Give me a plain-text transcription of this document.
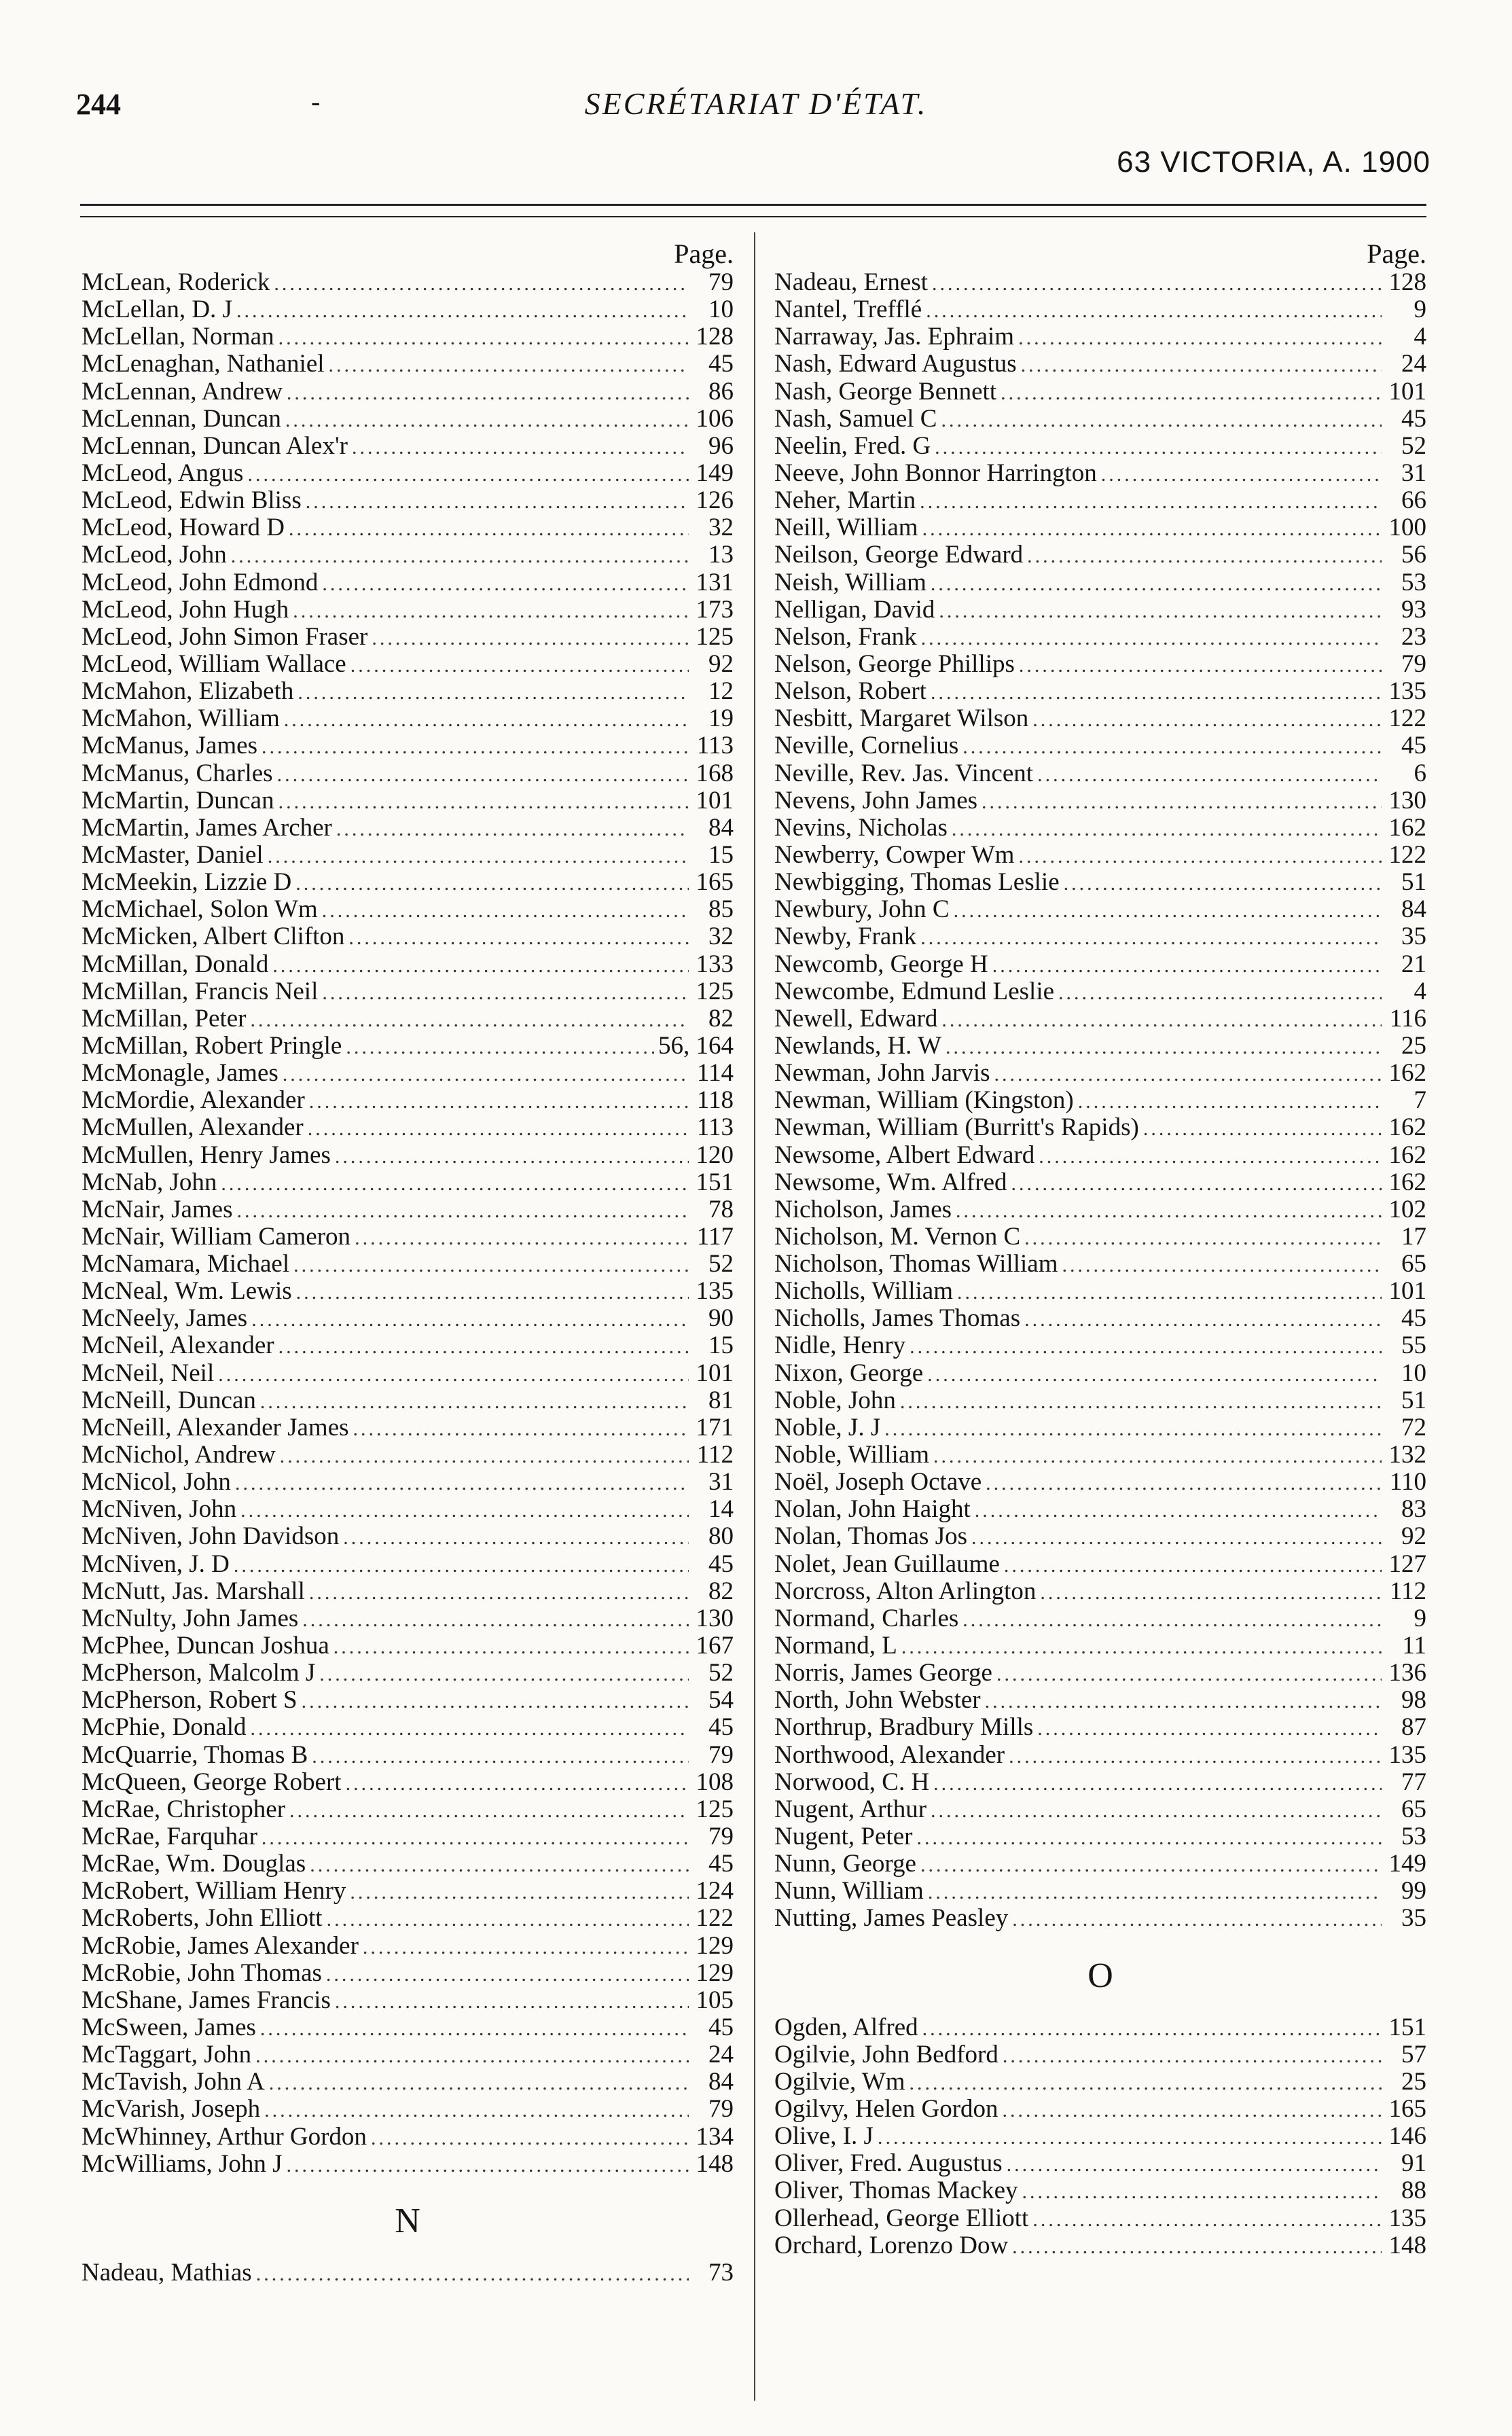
244	-	SECRÉTARIAT D'ÉTAT.
63 VICTORIA, A. 1900
Page.
McLean, Roderick .....	79
McLellan, D. J .....	10
McLellan, Norman .....	128
McLenaghan, Nathaniel .....	45
McLennan, Andrew .....	86
McLennan, Duncan .....	106
McLennan, Duncan Alex'r .....	96
McLeod, Angus .....	149
McLeod, Edwin Bliss .....	126
McLeod, Howard D .....	32
McLeod, John .....	13
McLeod, John Edmond .....	131
McLeod, John Hugh .....	173
McLeod, John Simon Fraser .....	125
McLeod, William Wallace .....	92
McMahon, Elizabeth .....	12
McMahon, William .....	19
McManus, James .....	113
McManus, Charles .....	168
McMartin, Duncan .....	101
McMartin, James Archer .....	84
McMaster, Daniel .....	15
McMeekin, Lizzie D .....	165
McMichael, Solon Wm .....	85
McMicken, Albert Clifton .....	32
McMillan, Donald .....	133
McMillan, Francis Neil .....	125
McMillan, Peter .....	82
McMillan, Robert Pringle .....	56, 164
McMonagle, James .....	114
McMordie, Alexander .....	118
McMullen, Alexander .....	113
McMullen, Henry James .....	120
McNab, John .....	151
McNair, James .....	78
McNair, William Cameron .....	117
McNamara, Michael .....	52
McNeal, Wm. Lewis .....	135
McNeely, James .....	90
McNeil, Alexander .....	15
McNeil, Neil .....	101
McNeill, Duncan .....	81
McNeill, Alexander James .....	171
McNichol, Andrew .....	112
McNicol, John .....	31
McNiven, John .....	14
McNiven, John Davidson .....	80
McNiven, J. D .....	45
McNutt, Jas. Marshall .....	82
McNulty, John James .....	130
McPhee, Duncan Joshua .....	167
McPherson, Malcolm J .....	52
McPherson, Robert S .....	54
McPhie, Donald .....	45
McQuarrie, Thomas B .....	79
McQueen, George Robert .....	108
McRae, Christopher .....	125
McRae, Farquhar .....	79
McRae, Wm. Douglas .....	45
McRobert, William Henry .....	124
McRoberts, John Elliott .....	122
McRobie, James Alexander .....	129
McRobie, John Thomas .....	129
McShane, James Francis .....	105
McSween, James .....	45
McTaggart, John .....	24
McTavish, John A .....	84
McVarish, Joseph .....	79
McWhinney, Arthur Gordon .....	134
McWilliams, John J .....	148
N
Nadeau, Mathias .....	73
Page.
Nadeau, Ernest .....	128
Nantel, Trefflé .....	9
Narraway, Jas. Ephraim .....	4
Nash, Edward Augustus .....	24
Nash, George Bennett .....	101
Nash, Samuel C .....	45
Neelin, Fred. G .....	52
Neeve, John Bonnor Harrington .....	31
Neher, Martin .....	66
Neill, William .....	100
Neilson, George Edward .....	56
Neish, William .....	53
Nelligan, David .....	93
Nelson, Frank .....	23
Nelson, George Phillips .....	79
Nelson, Robert .....	135
Nesbitt, Margaret Wilson .....	122
Neville, Cornelius .....	45
Neville, Rev. Jas. Vincent .....	6
Nevens, John James .....	130
Nevins, Nicholas .....	162
Newberry, Cowper Wm .....	122
Newbigging, Thomas Leslie .....	51
Newbury, John C .....	84
Newby, Frank .....	35
Newcomb, George H .....	21
Newcombe, Edmund Leslie .....	4
Newell, Edward .....	116
Newlands, H. W .....	25
Newman, John Jarvis .....	162
Newman, William (Kingston) .....	7
Newman, William (Burritt's Rapids) .....	162
Newsome, Albert Edward .....	162
Newsome, Wm. Alfred .....	162
Nicholson, James .....	102
Nicholson, M. Vernon C .....	17
Nicholson, Thomas William .....	65
Nicholls, William .....	101
Nicholls, James Thomas .....	45
Nidle, Henry .....	55
Nixon, George .....	10
Noble, John .....	51
Noble, J. J .....	72
Noble, William .....	132
Noël, Joseph Octave .....	110
Nolan, John Haight .....	83
Nolan, Thomas Jos .....	92
Nolet, Jean Guillaume .....	127
Norcross, Alton Arlington .....	112
Normand, Charles .....	9
Normand, L .....	11
Norris, James George .....	136
North, John Webster .....	98
Northrup, Bradbury Mills .....	87
Northwood, Alexander .....	135
Norwood, C. H .....	77
Nugent, Arthur .....	65
Nugent, Peter .....	53
Nunn, George .....	149
Nunn, William .....	99
Nutting, James Peasley .....	35
O
Ogden, Alfred .....	151
Ogilvie, John Bedford .....	57
Ogilvie, Wm .....	25
Ogilvy, Helen Gordon .....	165
Olive, I. J .....	146
Oliver, Fred. Augustus .....	91
Oliver, Thomas Mackey .....	88
Ollerhead, George Elliott .....	135
Orchard, Lorenzo Dow .....	148
